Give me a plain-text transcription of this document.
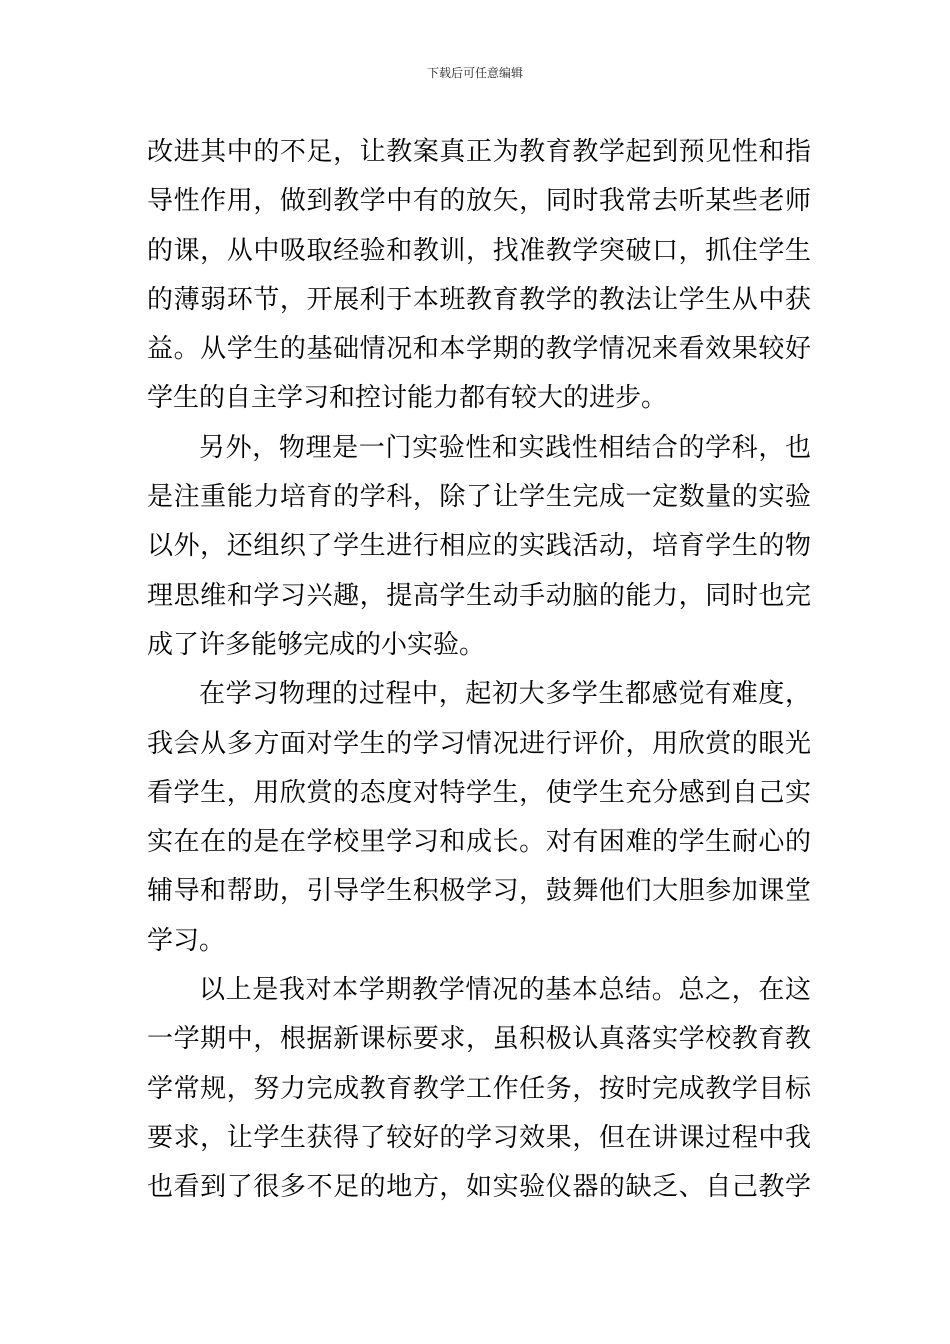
下载后可任意编辑
改进其中的不足，让教案真正为教育教学起到预见性和指
导性作用，做到教学中有的放矢，同时我常去听某些老师
的课，从中吸取经验和教训，找准教学突破口，抓住学生
的薄弱环节，开展利于本班教育教学的教法让学生从中获
益。从学生的基础情况和本学期的教学情况来看效果较好
学生的自主学习和控讨能力都有较大的进步。
另外，物理是一门实验性和实践性相结合的学科，也
是注重能力培育的学科，除了让学生完成一定数量的实验
以外，还组织了学生进行相应的实践活动，培育学生的物
理思维和学习兴趣，提高学生动手动脑的能力，同时也完
成了许多能够完成的小实验。
在学习物理的过程中，起初大多学生都感觉有难度，
我会从多方面对学生的学习情况进行评价，用欣赏的眼光
看学生，用欣赏的态度对特学生，使学生充分感到自己实
实在在的是在学校里学习和成长。对有困难的学生耐心的
辅导和帮助，引导学生积极学习，鼓舞他们大胆参加课堂
学习。
以上是我对本学期教学情况的基本总结。总之，在这
一学期中，根据新课标要求，虽积极认真落实学校教育教
学常规，努力完成教育教学工作任务，按时完成教学目标
要求，让学生获得了较好的学习效果，但在讲课过程中我
也看到了很多不足的地方，如实验仪器的缺乏、自己教学
